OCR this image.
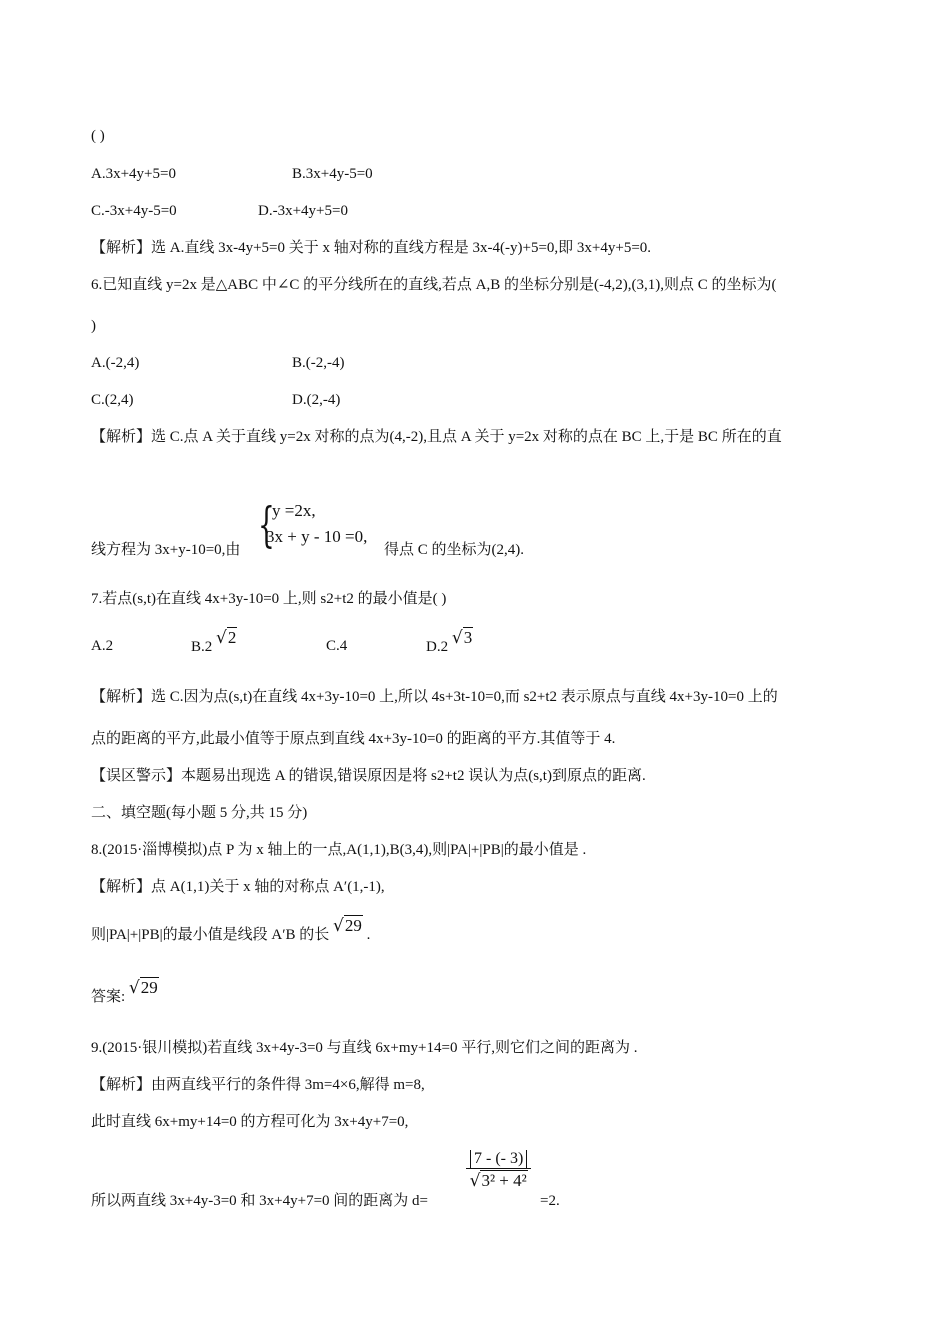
( )
A.3x+4y+5=0	B.3x+4y-5=0
C.-3x+4y-5=0	D.-3x+4y+5=0
【解析】选 A.直线 3x-4y+5=0 关于 x 轴对称的直线方程是 3x-4(-y)+5=0,即 3x+4y+5=0.
6.已知直线 y=2x 是△ABC 中∠C 的平分线所在的直线,若点 A,B 的坐标分别是(-4,2),(3,1),则点 C 的坐标为(
)
A.(-2,4)	B.(-2,-4)
C.(2,4)	D.(2,-4)
【解析】选 C.点 A 关于直线 y=2x 对称的点为(4,-2),且点 A 关于 y=2x 对称的点在 BC 上,于是 BC 所在的直
线方程为 3x+y-10=0,由 {
y =2x,
3x + y - 10 =0,
得点 C 的坐标为(2,4).
7.若点(s,t)在直线 4x+3y-10=0 上,则 s2+t2 的最小值是( )
A.2	B.2 √2	C.4	D.2 √3
【解析】选 C.因为点(s,t)在直线 4x+3y-10=0 上,所以 4s+3t-10=0,而 s2+t2 表示原点与直线 4x+3y-10=0 上的
点的距离的平方,此最小值等于原点到直线 4x+3y-10=0 的距离的平方.其值等于 4.
【误区警示】本题易出现选 A 的错误,错误原因是将 s2+t2 误认为点(s,t)到原点的距离.
二、填空题(每小题 5 分,共 15 分)
8.(2015·淄博模拟)点 P 为 x 轴上的一点,A(1,1),B(3,4),则|PA|+|PB|的最小值是 .
【解析】点 A(1,1)关于 x 轴的对称点 A′(1,-1),
则|PA|+|PB|的最小值是线段 A′B 的长 √29 .
答案: √29
9.(2015·银川模拟)若直线 3x+4y-3=0 与直线 6x+my+14=0 平行,则它们之间的距离为 .
【解析】由两直线平行的条件得 3m=4×6,解得 m=8,
此时直线 6x+my+14=0 的方程可化为 3x+4y+7=0,
所以两直线 3x+4y-3=0 和 3x+4y+7=0 间的距离为 d=
$\frac{7 - (- 3)}{\text{√3² + 4²}}$
=2.
